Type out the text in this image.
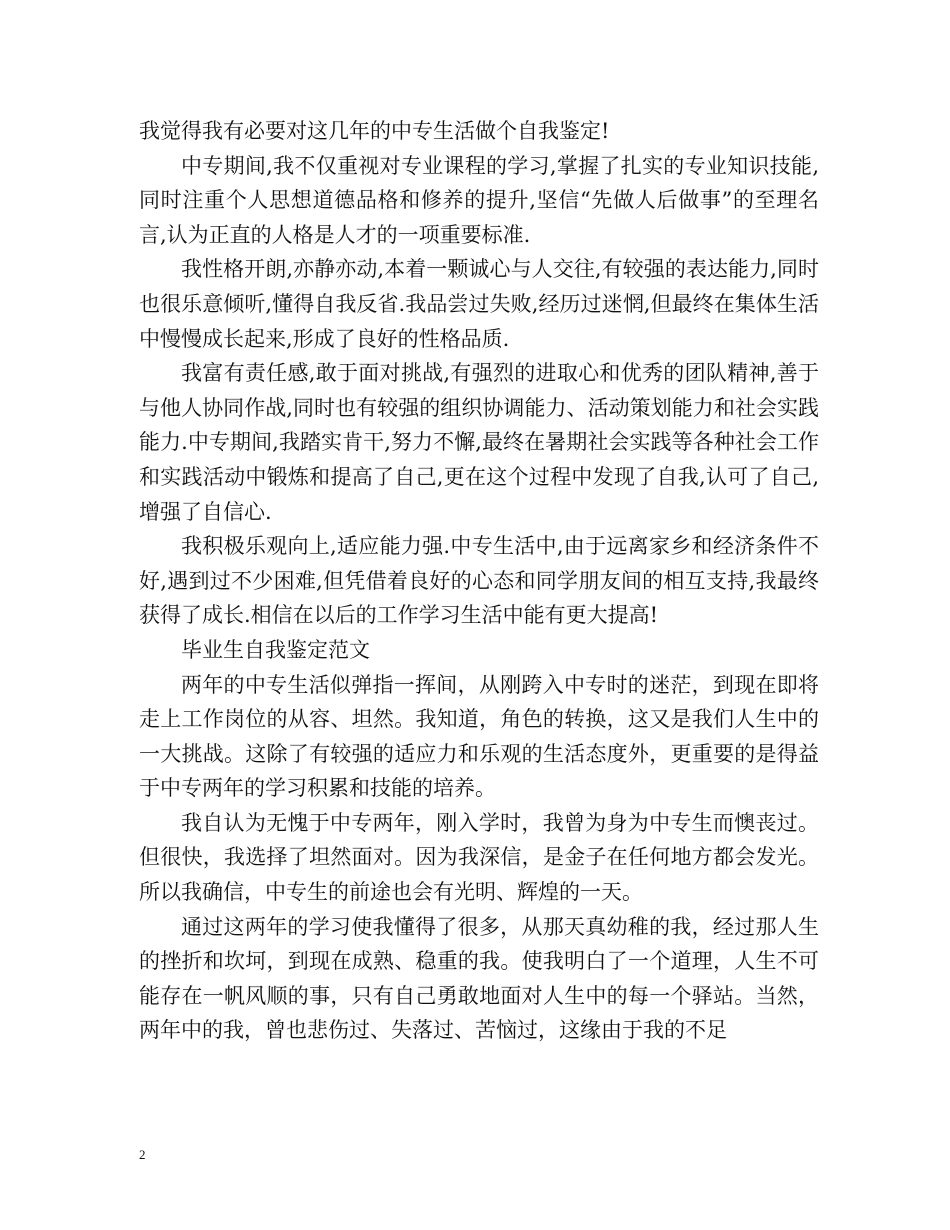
我觉得我有必要对这几年的中专生活做个自我鉴定!

中专期间,我不仅重视对专业课程的学习,掌握了扎实的专业知识技能,同时注重个人思想道德品格和修养的提升,坚信“先做人后做事”的至理名言,认为正直的人格是人才的一项重要标准.

我性格开朗,亦静亦动,本着一颗诚心与人交往,有较强的表达能力,同时也很乐意倾听,懂得自我反省.我品尝过失败,经历过迷惘,但最终在集体生活中慢慢成长起来,形成了良好的性格品质.

我富有责任感,敢于面对挑战,有强烈的进取心和优秀的团队精神,善于与他人协同作战,同时也有较强的组织协调能力、活动策划能力和社会实践能力.中专期间,我踏实肯干,努力不懈,最终在暑期社会实践等各种社会工作和实践活动中锻炼和提高了自己,更在这个过程中发现了自我,认可了自己,增强了自信心.

我积极乐观向上,适应能力强.中专生活中,由于远离家乡和经济条件不好,遇到过不少困难,但凭借着良好的心态和同学朋友间的相互支持,我最终获得了成长.相信在以后的工作学习生活中能有更大提高!

毕业生自我鉴定范文

两年的中专生活似弹指一挥间，从刚跨入中专时的迷茫，到现在即将走上工作岗位的从容、坦然。我知道，角色的转换，这又是我们人生中的一大挑战。这除了有较强的适应力和乐观的生活态度外，更重要的是得益于中专两年的学习积累和技能的培养。

我自认为无愧于中专两年，刚入学时，我曾为身为中专生而懊丧过。但很快，我选择了坦然面对。因为我深信，是金子在任何地方都会发光。所以我确信，中专生的前途也会有光明、辉煌的一天。

通过这两年的学习使我懂得了很多，从那天真幼稚的我，经过那人生的挫折和坎坷，到现在成熟、稳重的我。使我明白了一个道理，人生不可能存在一帆风顺的事，只有自己勇敢地面对人生中的每一个驿站。当然，两年中的我，曾也悲伤过、失落过、苦恼过，这缘由于我的不足

2
